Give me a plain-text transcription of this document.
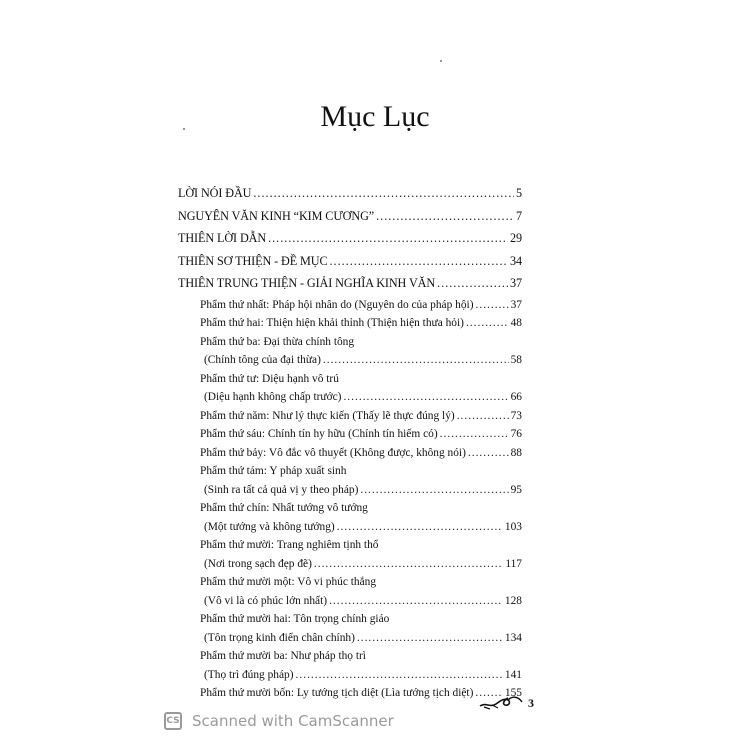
Mục Lục
LỜI NÓI ĐẦU .....	5
NGUYÊN VĂN KINH “KIM CƯƠNG” .....	7
THIÊN LỜI DẪN .....	29
THIÊN SƠ THIỆN - ĐỀ MỤC .....	34
THIÊN TRUNG THIỆN - GIẢI NGHĨA KINH VĂN .....	37
Phẩm thứ nhất: Pháp hội nhân do (Nguyên do của pháp hội) .....	37
Phẩm thứ hai: Thiện hiện khải thỉnh (Thiện hiện thưa hỏi) .....	48
Phẩm thứ ba: Đại thừa chính tông
(Chính tông của đại thừa) .....	58
Phẩm thứ tư: Diệu hạnh vô trú
(Diệu hạnh không chấp trước) .....	66
Phẩm thứ năm: Như lý thực kiến (Thấy lẽ thực đúng lý) .....	73
Phẩm thứ sáu: Chính tín hy hữu (Chính tín hiếm có) .....	76
Phẩm thứ bảy: Vô đắc vô thuyết (Không được, không nói) .....	88
Phẩm thứ tám: Y pháp xuất sinh
(Sinh ra tất cả quả vị y theo pháp) .....	95
Phẩm thứ chín: Nhất tướng vô tướng
(Một tướng và không tướng) .....	103
Phẩm thứ mười: Trang nghiêm tịnh thổ
(Nơi trong sạch đẹp đẽ) .....	117
Phẩm thứ mười một: Vô vi phúc thắng
(Vô vi là có phúc lớn nhất) .....	128
Phẩm thứ mười hai: Tôn trọng chính giáo
(Tôn trọng kinh điển chân chính) .....	134
Phẩm thứ mười ba: Như pháp thọ trì
(Thọ trì đúng pháp) .....	141
Phẩm thứ mười bốn: Ly tướng tịch diệt (Lìa tướng tịch diệt) .....	155
3
CS Scanned with CamScanner
